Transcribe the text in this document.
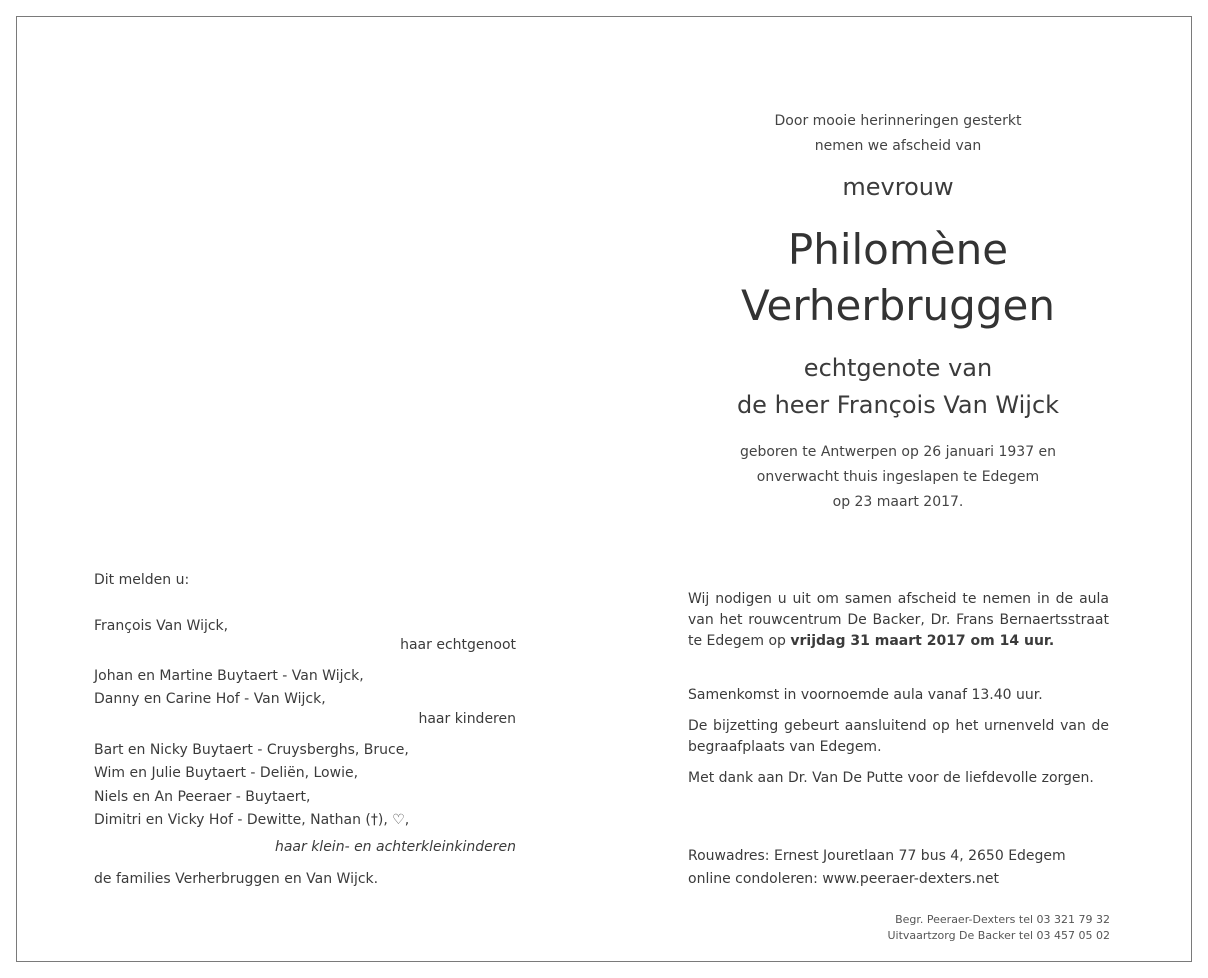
Door mooie herinneringen gesterkt
nemen we afscheid van
mevrouw
Philomène
Verherbruggen
echtgenote van
de heer François Van Wijck
geboren te Antwerpen op 26 januari 1937 en
onverwacht thuis ingeslapen te Edegem
op 23 maart 2017.
Dit melden u:
François Van Wijck,
haar echtgenoot
Johan en Martine Buytaert - Van Wijck,
Danny en Carine Hof - Van Wijck,
haar kinderen
Bart en Nicky Buytaert - Cruysberghs, Bruce,
Wim en Julie Buytaert - Deliën, Lowie,
Niels en An Peeraer - Buytaert,
Dimitri en Vicky Hof - Dewitte, Nathan (†), ♡,
haar klein- en achterkleinkinderen
de families Verherbruggen en Van Wijck.
Wij nodigen u uit om samen afscheid te nemen in de aula van het rouwcentrum De Backer, Dr. Frans Bernaertsstraat te Edegem op vrijdag 31 maart 2017 om 14 uur.
Samenkomst in voornoemde aula vanaf 13.40 uur.
De bijzetting gebeurt aansluitend op het urnenveld van de begraafplaats van Edegem.
Met dank aan Dr. Van De Putte voor de liefdevolle zorgen.
Rouwadres: Ernest Jouretlaan 77 bus 4, 2650 Edegem
online condoleren: www.peeraer-dexters.net
Begr. Peeraer-Dexters tel 03 321 79 32
Uitvaartzorg De Backer tel 03 457 05 02
